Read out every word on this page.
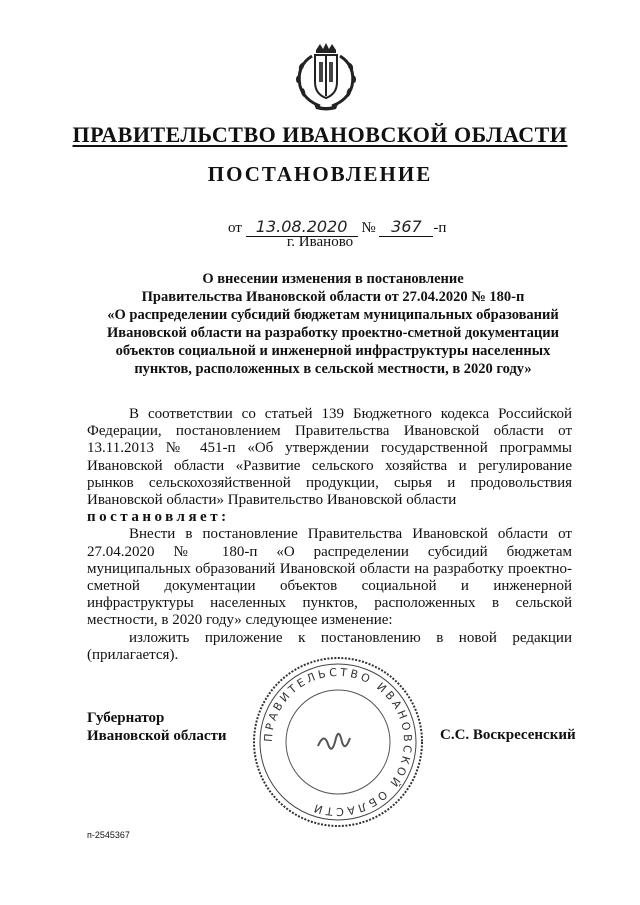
ПРАВИТЕЛЬСТВО ИВАНОВСКОЙ ОБЛАСТИ
ПОСТАНОВЛЕНИЕ
от 13.08.2020 № 367 -п
г. Иваново
О внесении изменения в постановление
Правительства Ивановской области от 27.04.2020 № 180-п
«О распределении субсидий бюджетам муниципальных образований
Ивановской области на разработку проектно-сметной документации
объектов социальной и инженерной инфраструктуры населенных
пунктов, расположенных в сельской местности, в 2020 году»

В соответствии со статьей 139 Бюджетного кодекса Российской Федерации, постановлением Правительства Ивановской области от 13.11.2013 № 451-п «Об утверждении государственной программы Ивановской области «Развитие сельского хозяйства и регулирование рынков сельскохозяйственной продукции, сырья и продовольствия Ивановской области» Правительство Ивановской области

постановляет:

Внести в постановление Правительства Ивановской области от 27.04.2020 № 180-п «О распределении субсидий бюджетам муниципальных образований Ивановской области на разработку проектно-сметной документации объектов социальной и инженерной инфраструктуры населенных пунктов, расположенных в сельской местности, в 2020 году» следующее изменение:

изложить приложение к постановлению в новой редакции (прилагается).

ПРАВИТЕЛЬСТВО ИВАНОВСКОЙ ОБЛАСТИ
Губернатор
Ивановской области	С.С. Воскресенский
п-2545367
